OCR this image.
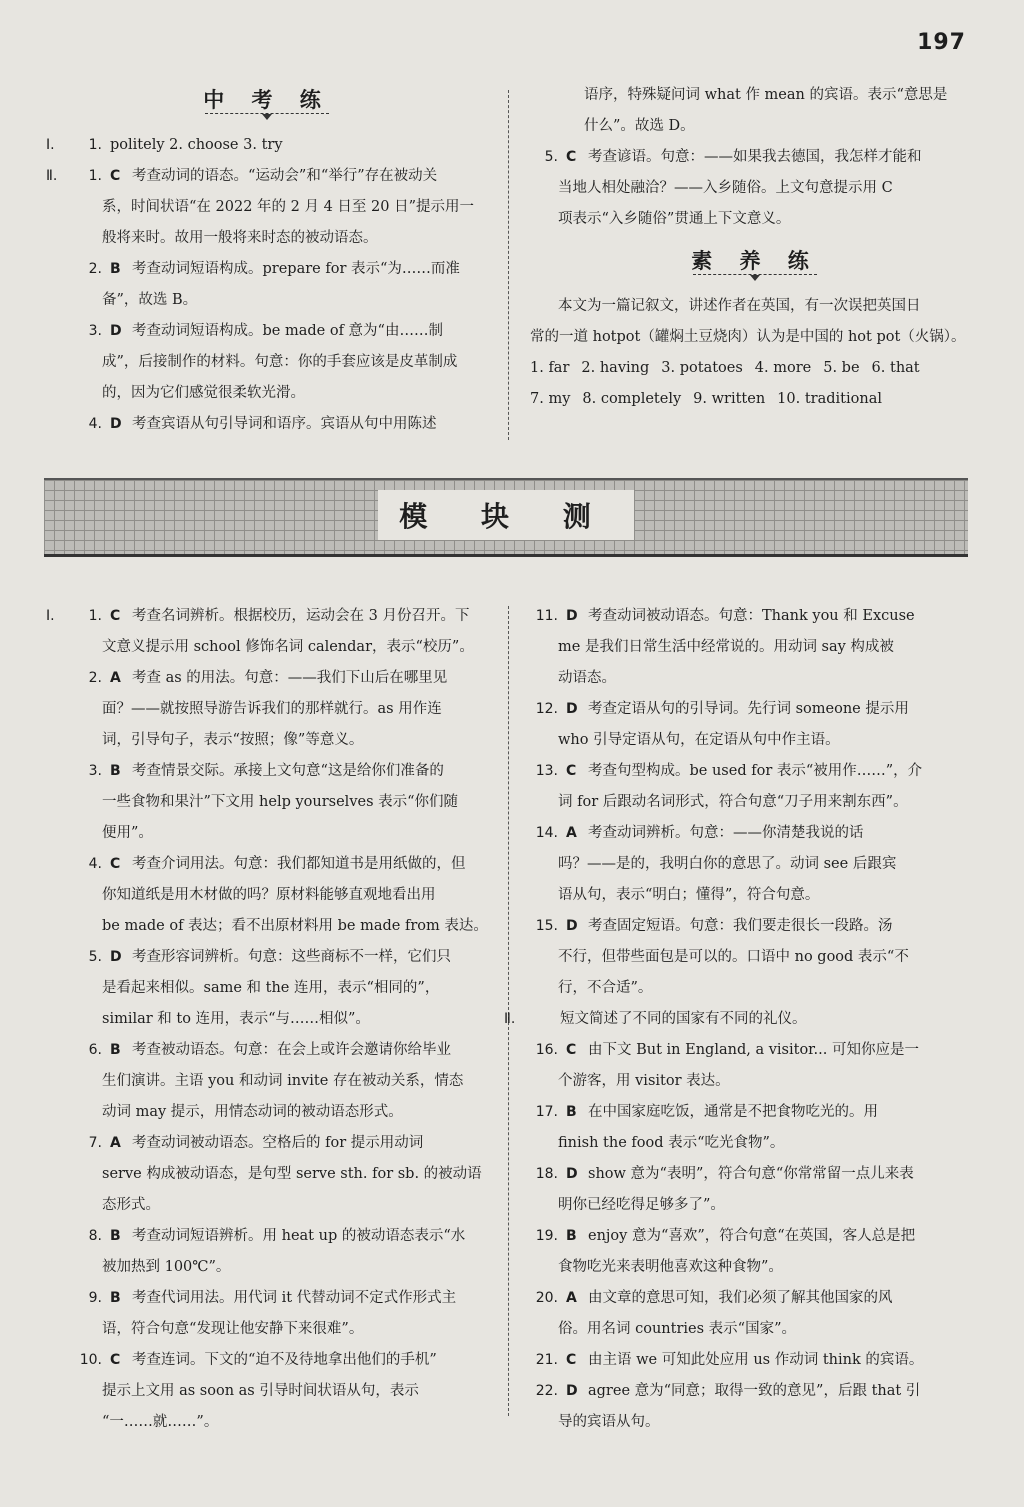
197
中 考 练
Ⅰ.	1. politely 2. choose 3. try
Ⅱ.	1. C 考查动词的语态。“运动会”和“举行”存在被动关
系，时间状语“在 2022 年的 2 月 4 日至 20 日”提示用一
般将来时。故用一般将来时态的被动语态。
2. B 考查动词短语构成。prepare for 表示“为……而准
备”，故选 B。
3. D 考查动词短语构成。be made of 意为“由……制
成”，后接制作的材料。句意：你的手套应该是皮革制成
的，因为它们感觉很柔软光滑。
4. D 考查宾语从句引导词和语序。宾语从句中用陈述
语序，特殊疑问词 what 作 mean 的宾语。表示“意思是
什么”。故选 D。
5. C 考查谚语。句意：——如果我去德国，我怎样才能和
当地人相处融洽？——入乡随俗。上文句意提示用 C
项表示“入乡随俗”贯通上下文意义。
素 养 练
本文为一篇记叙文，讲述作者在英国，有一次误把英国日
常的一道 hotpot（罐焖土豆烧肉）认为是中国的 hot pot（火锅）。
1. far 2. having 3. potatoes 4. more 5. be 6. that
7. my 8. completely 9. written 10. traditional
模 块 测
Ⅰ.	1. C 考查名词辨析。根据校历，运动会在 3 月份召开。下
文意义提示用 school 修饰名词 calendar，表示“校历”。
2. A 考查 as 的用法。句意：——我们下山后在哪里见
面？——就按照导游告诉我们的那样就行。as 用作连
词，引导句子，表示“按照；像”等意义。
3. B 考查情景交际。承接上文句意“这是给你们准备的
一些食物和果汁”下文用 help yourselves 表示“你们随
便用”。
4. C 考查介词用法。句意：我们都知道书是用纸做的，但
你知道纸是用木材做的吗？原材料能够直观地看出用
be made of 表达；看不出原材料用 be made from 表达。
5. D 考查形容词辨析。句意：这些商标不一样，它们只
是看起来相似。same 和 the 连用，表示“相同的”，
similar 和 to 连用，表示“与……相似”。
6. B 考查被动语态。句意：在会上或许会邀请你给毕业
生们演讲。主语 you 和动词 invite 存在被动关系，情态
动词 may 提示，用情态动词的被动语态形式。
7. A 考查动词被动语态。空格后的 for 提示用动词
serve 构成被动语态，是句型 serve sth. for sb. 的被动语
态形式。
8. B 考查动词短语辨析。用 heat up 的被动语态表示“水
被加热到 100℃”。
9. B 考查代词用法。用代词 it 代替动词不定式作形式主
语，符合句意“发现让他安静下来很难”。
10. C 考查连词。下文的“迫不及待地拿出他们的手机”
提示上文用 as soon as 引导时间状语从句，表示
“一……就……”。
11. D 考查动词被动语态。句意：Thank you 和 Excuse
me 是我们日常生活中经常说的。用动词 say 构成被
动语态。
12. D 考查定语从句的引导词。先行词 someone 提示用
who 引导定语从句，在定语从句中作主语。
13. C 考查句型构成。be used for 表示“被用作……”，介
词 for 后跟动名词形式，符合句意“刀子用来割东西”。
14. A 考查动词辨析。句意：——你清楚我说的话
吗？——是的，我明白你的意思了。动词 see 后跟宾
语从句，表示“明白；懂得”，符合句意。
15. D 考查固定短语。句意：我们要走很长一段路。汤
不行，但带些面包是可以的。口语中 no good 表示“不
行，不合适”。
Ⅱ.	短文简述了不同的国家有不同的礼仪。
16. C 由下文 But in England, a visitor... 可知你应是一
个游客，用 visitor 表达。
17. B 在中国家庭吃饭，通常是不把食物吃光的。用
finish the food 表示“吃光食物”。
18. D show 意为“表明”，符合句意“你常常留一点儿来表
明你已经吃得足够多了”。
19. B enjoy 意为“喜欢”，符合句意“在英国，客人总是把
食物吃光来表明他喜欢这种食物”。
20. A 由文章的意思可知，我们必须了解其他国家的风
俗。用名词 countries 表示“国家”。
21. C 由主语 we 可知此处应用 us 作动词 think 的宾语。
22. D agree 意为“同意；取得一致的意见”，后跟 that 引
导的宾语从句。
